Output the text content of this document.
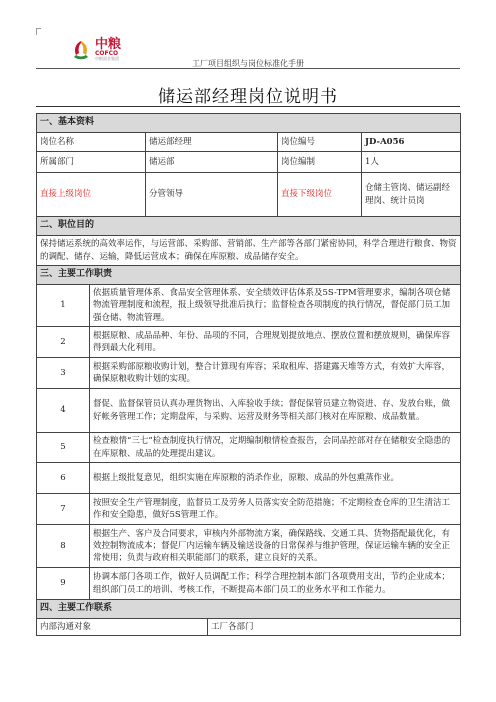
中粮
COFCO
中粮面业集团
工厂项目组织与岗位标准化手册
储运部经理岗位说明书
一、基本资料					
岗位名称		储运部经理		岗位编号	JD-A056
所属部门		储运部		岗位编制	1人
直接上级岗位		分管领导		直接下级岗位	仓储主管岗、储运副经理岗、统计员岗
二、职位目的					
保持储运系统的高效率运作，与运营部、采购部、营销部、生产部等各部门紧密协同，科学合理进行粮食、物资的调配、储存、运输，降低运营成本；确保在库原粮、成品储存安全。					
三、主要工作职责					
1	依据质量管理体系、食品安全管理体系、安全绩效评估体系及5S-TPM管理要求，编制各项仓储物流管理制度和流程，报上级领导批准后执行；监督检查各项制度的执行情况，督促部门员工加强仓储、物流管理。				
2	根据原粮、成品品种、年份、品项的不同，合理规划提放地点、摆放位置和摆放规则，确保库容得到最大化利用。				
3	根据采购部原粮收购计划，整合计算现有库容；采取租库、搭建露天堆等方式，有效扩大库容，确保原粮收购计划的实现。				
4	督促、监督保管员认真办理货物出、入库验收手续；督促保管员建立物资进、存、发放台账，做好帐务管理工作；定期盘库，与采购、运营及财务等相关部门核对在库原粮、成品数量。				
5	检查粮情“三七”检查制度执行情况，定期编制粮情检查报告，会同品控部对存在储粮安全隐患的在库原粮、成品的处理提出建议。				
6	根据上级批复意见，组织实施在库原粮的消杀作业，原粮、成品的外包熏蒸作业。				
7	按照安全生产管理制度，监督员工及劳务人员落实安全防范措施；不定期检查仓库的卫生清洁工作和安全隐患，做好5S管理工作。				
8	根据生产、客户及合同要求，审核内外部物流方案，确保路线、交通工具、货物搭配最优化，有效控制物流成本；督促厂内运输车辆及输送设备的日常保养与维护管理，保证运输车辆的安全正常使用；负责与政府相关职能部门的联系，建立良好的关系。				
9	协调本部门各项工作，做好人员调配工作；科学合理控制本部门各项费用支出，节约企业成本；组织部门员工的培训、考核工作，不断提高本部门员工的业务水平和工作能力。				
四、主要工作联系					
内部沟通对象			工厂各部门		
